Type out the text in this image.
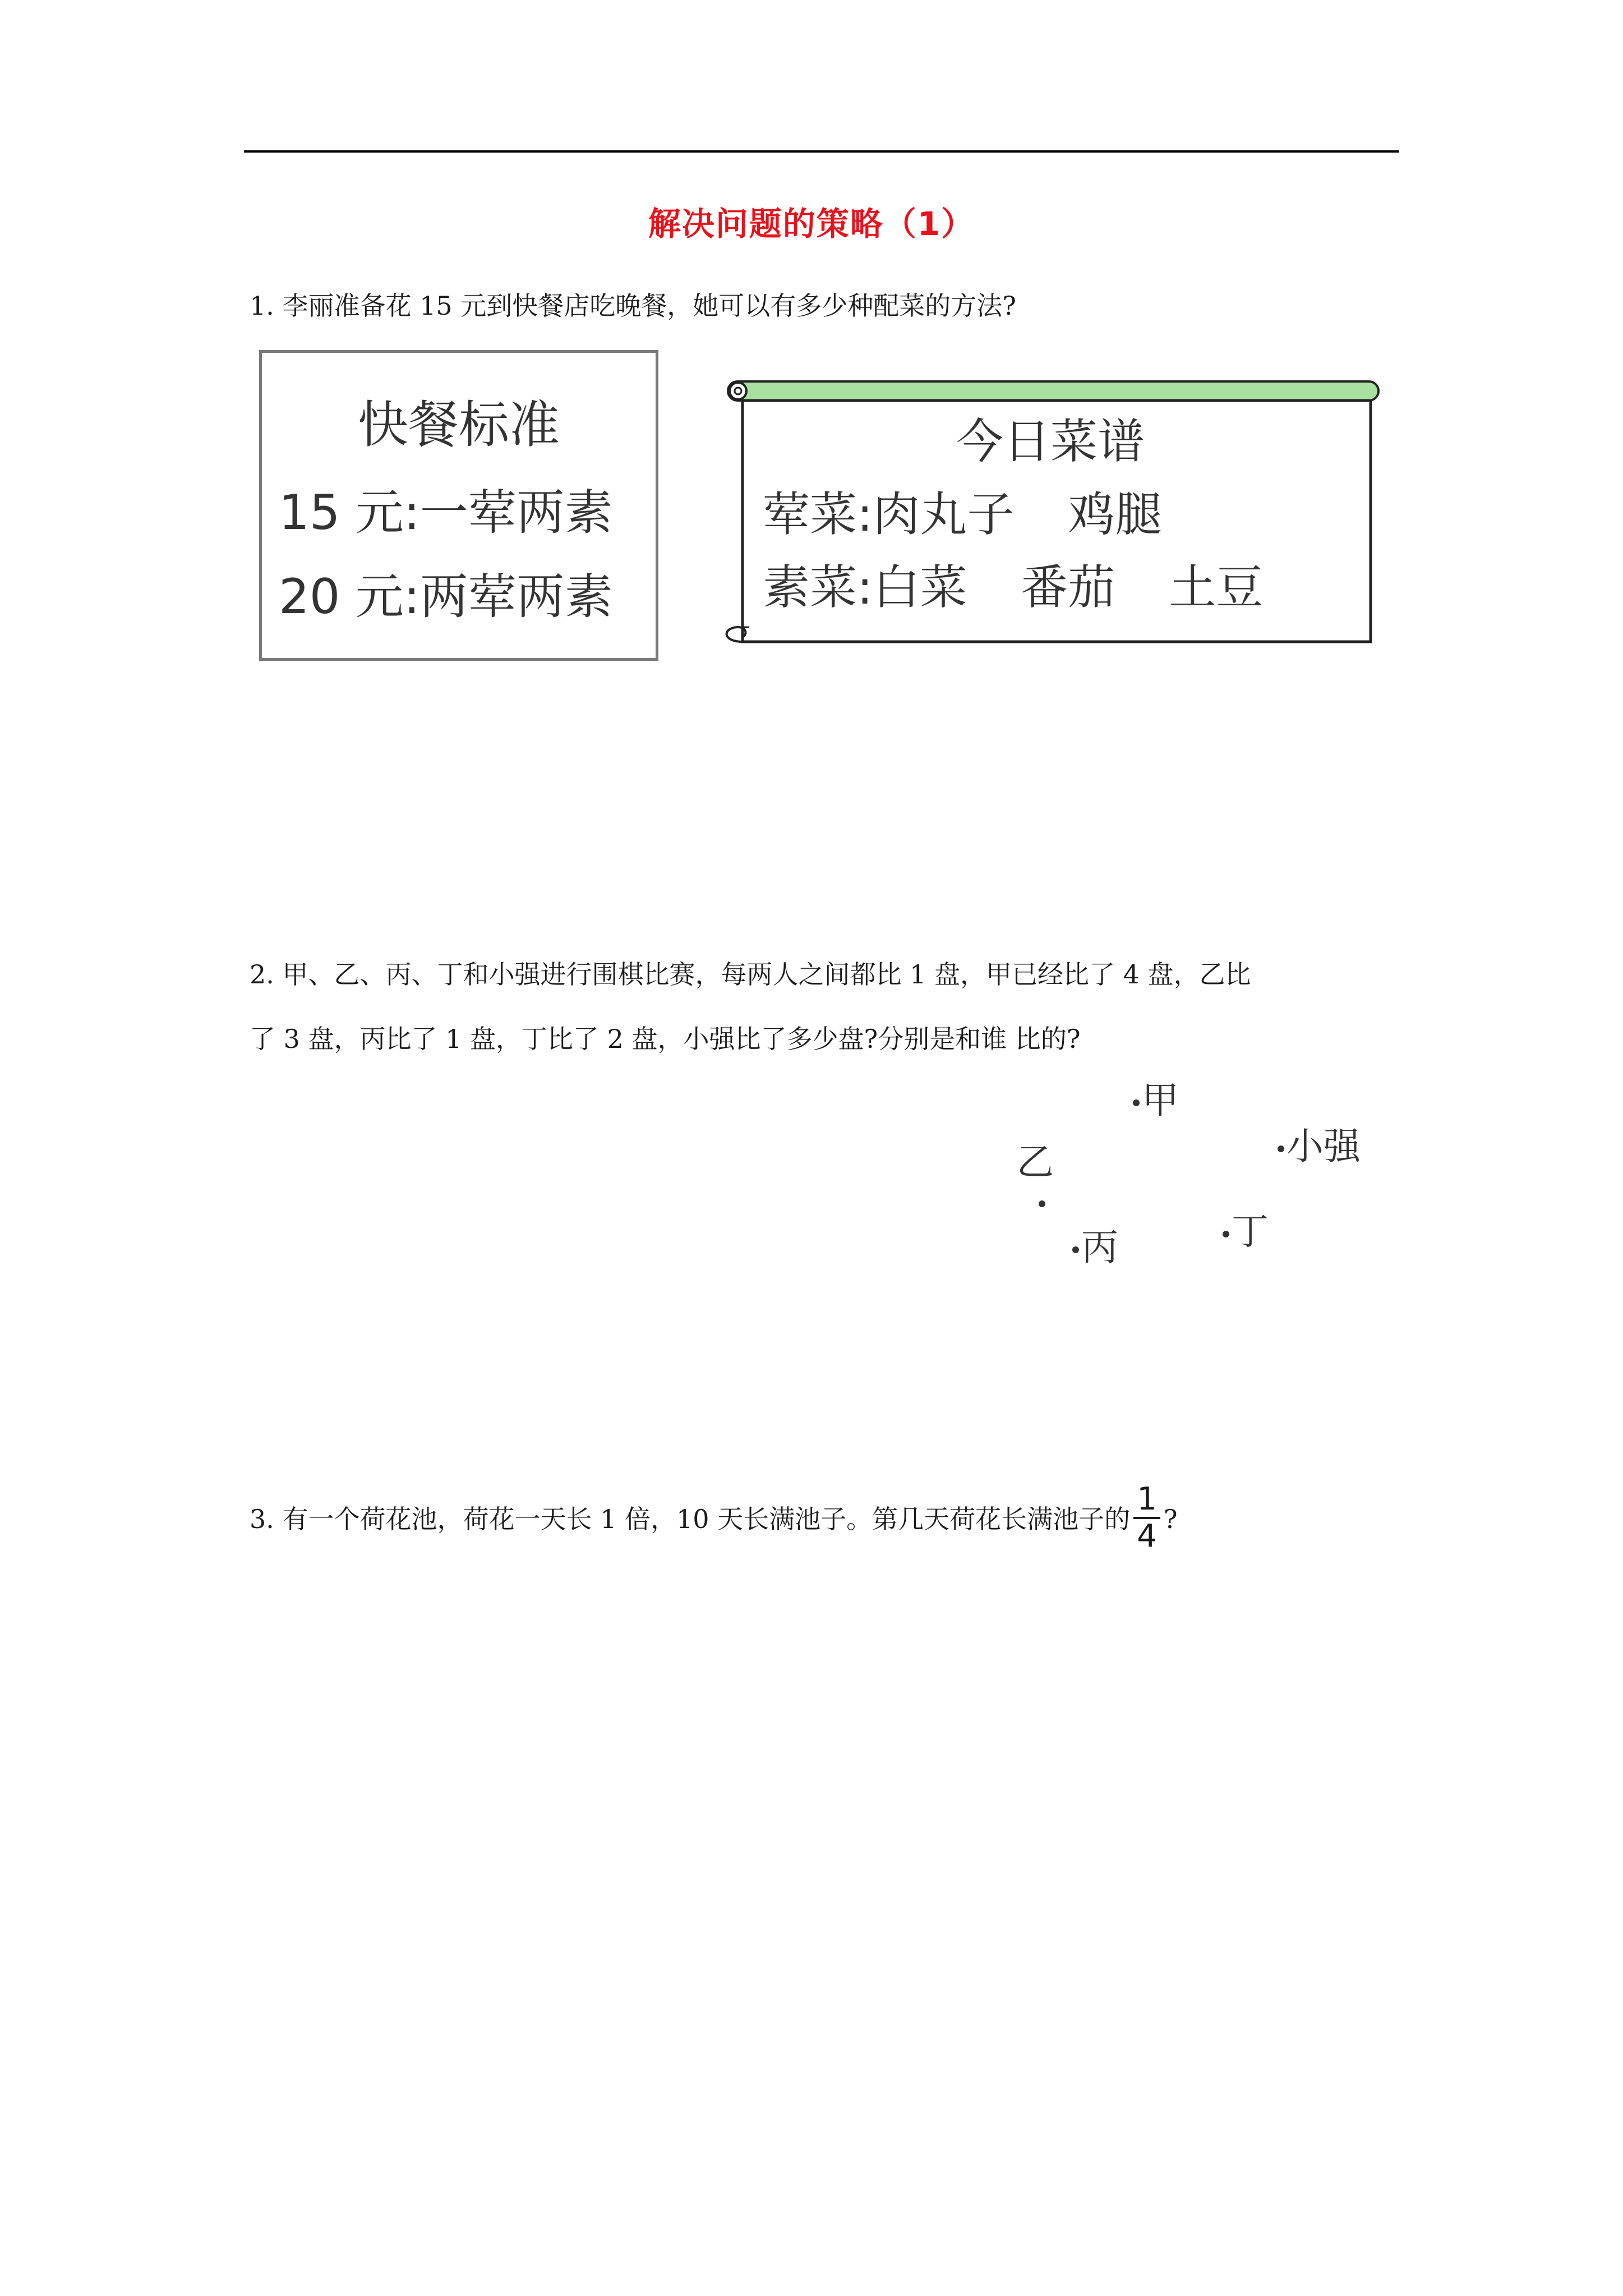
解决问题的策略（1）
1. 李丽准备花 15 元到快餐店吃晚餐，她可以有多少种配菜的方法?
快餐标准
15 元:一荤两素
20 元:两荤两素
今日菜谱
荤菜:肉丸子 鸡腿
素菜:白菜 番茄 土豆
2. 甲、乙、丙、丁和小强进行围棋比赛，每两人之间都比 1 盘，甲已经比了 4 盘，乙比
了 3 盘，丙比了 1 盘，丁比了 2 盘，小强比了多少盘?分别是和谁 比的?
甲
小强
乙
丙	丁
3. 有一个荷花池，荷花一天长 1 倍，10 天长满池子。第几天荷花长满池子的 $\frac{1}{4}$ ?
